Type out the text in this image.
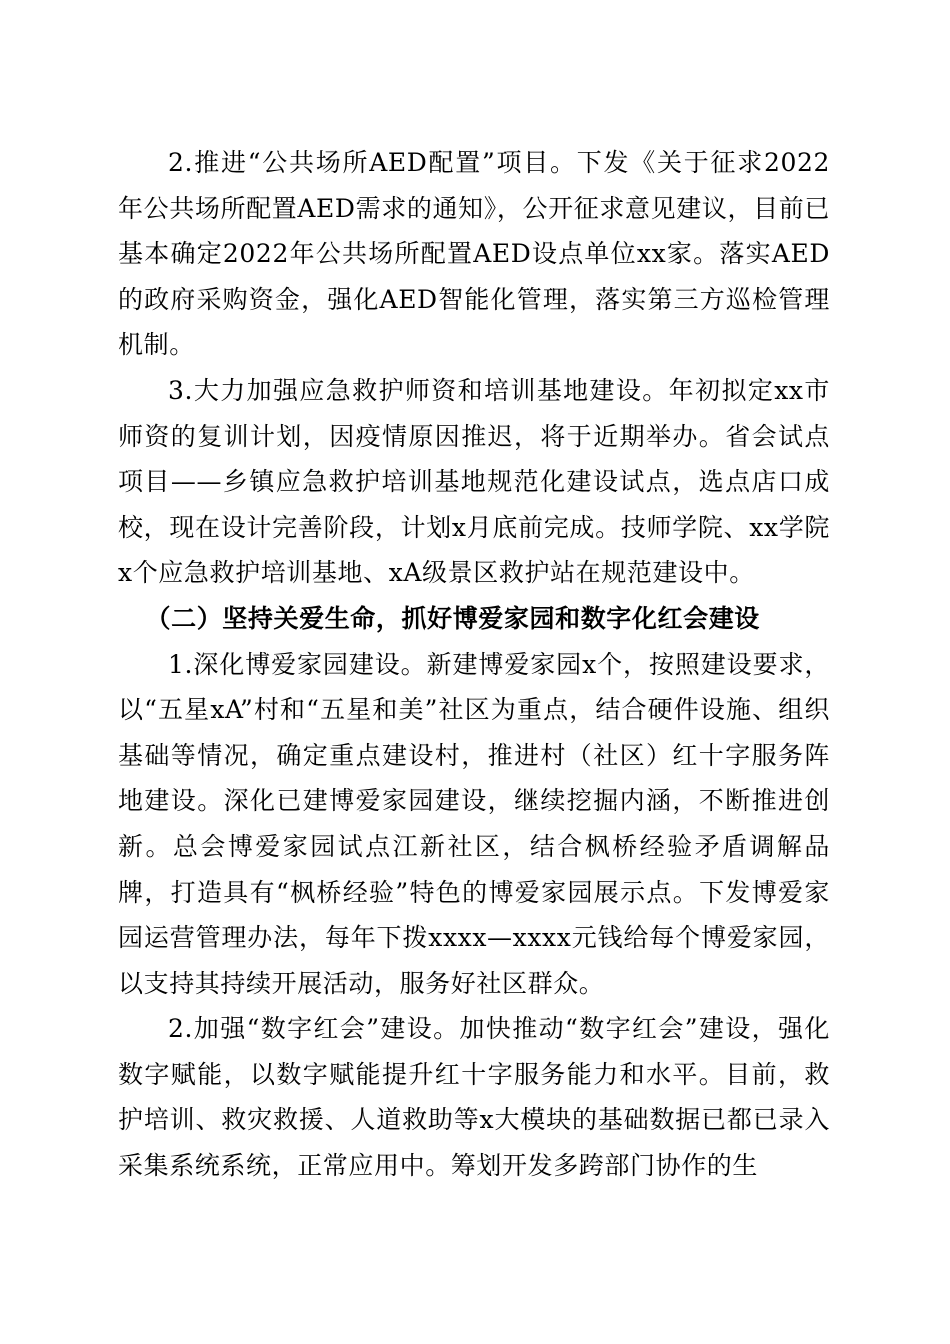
2.推进“公共场所AED配置”项目。下发《关于征求2022年公共场所配置AED需求的通知》，公开征求意见建议，目前已基本确定2022年公共场所配置AED设点单位xx家。落实AED的政府采购资金，强化AED智能化管理，落实第三方巡检管理机制。

3.大力加强应急救护师资和培训基地建设。年初拟定xx市师资的复训计划，因疫情原因推迟，将于近期举办。省会试点项目——乡镇应急救护培训基地规范化建设试点，选点店口成校，现在设计完善阶段，计划x月底前完成。技师学院、xx学院x个应急救护培训基地、xA级景区救护站在规范建设中。

（二）坚持关爱生命，抓好博爱家园和数字化红会建设

1.深化博爱家园建设。新建博爱家园x个，按照建设要求，以“五星xA”村和“五星和美”社区为重点，结合硬件设施、组织基础等情况，确定重点建设村，推进村（社区）红十字服务阵地建设。深化已建博爱家园建设，继续挖掘内涵，不断推进创新。总会博爱家园试点江新社区，结合枫桥经验矛盾调解品牌，打造具有“枫桥经验”特色的博爱家园展示点。下发博爱家园运营管理办法，每年下拨xxxx—xxxx元钱给每个博爱家园，以支持其持续开展活动，服务好社区群众。

2.加强“数字红会”建设。加快推动“数字红会”建设，强化数字赋能，以数字赋能提升红十字服务能力和水平。目前，救护培训、救灾救援、人道救助等x大模块的基础数据已都已录入采集系统系统，正常应用中。筹划开发多跨部门协作的生
